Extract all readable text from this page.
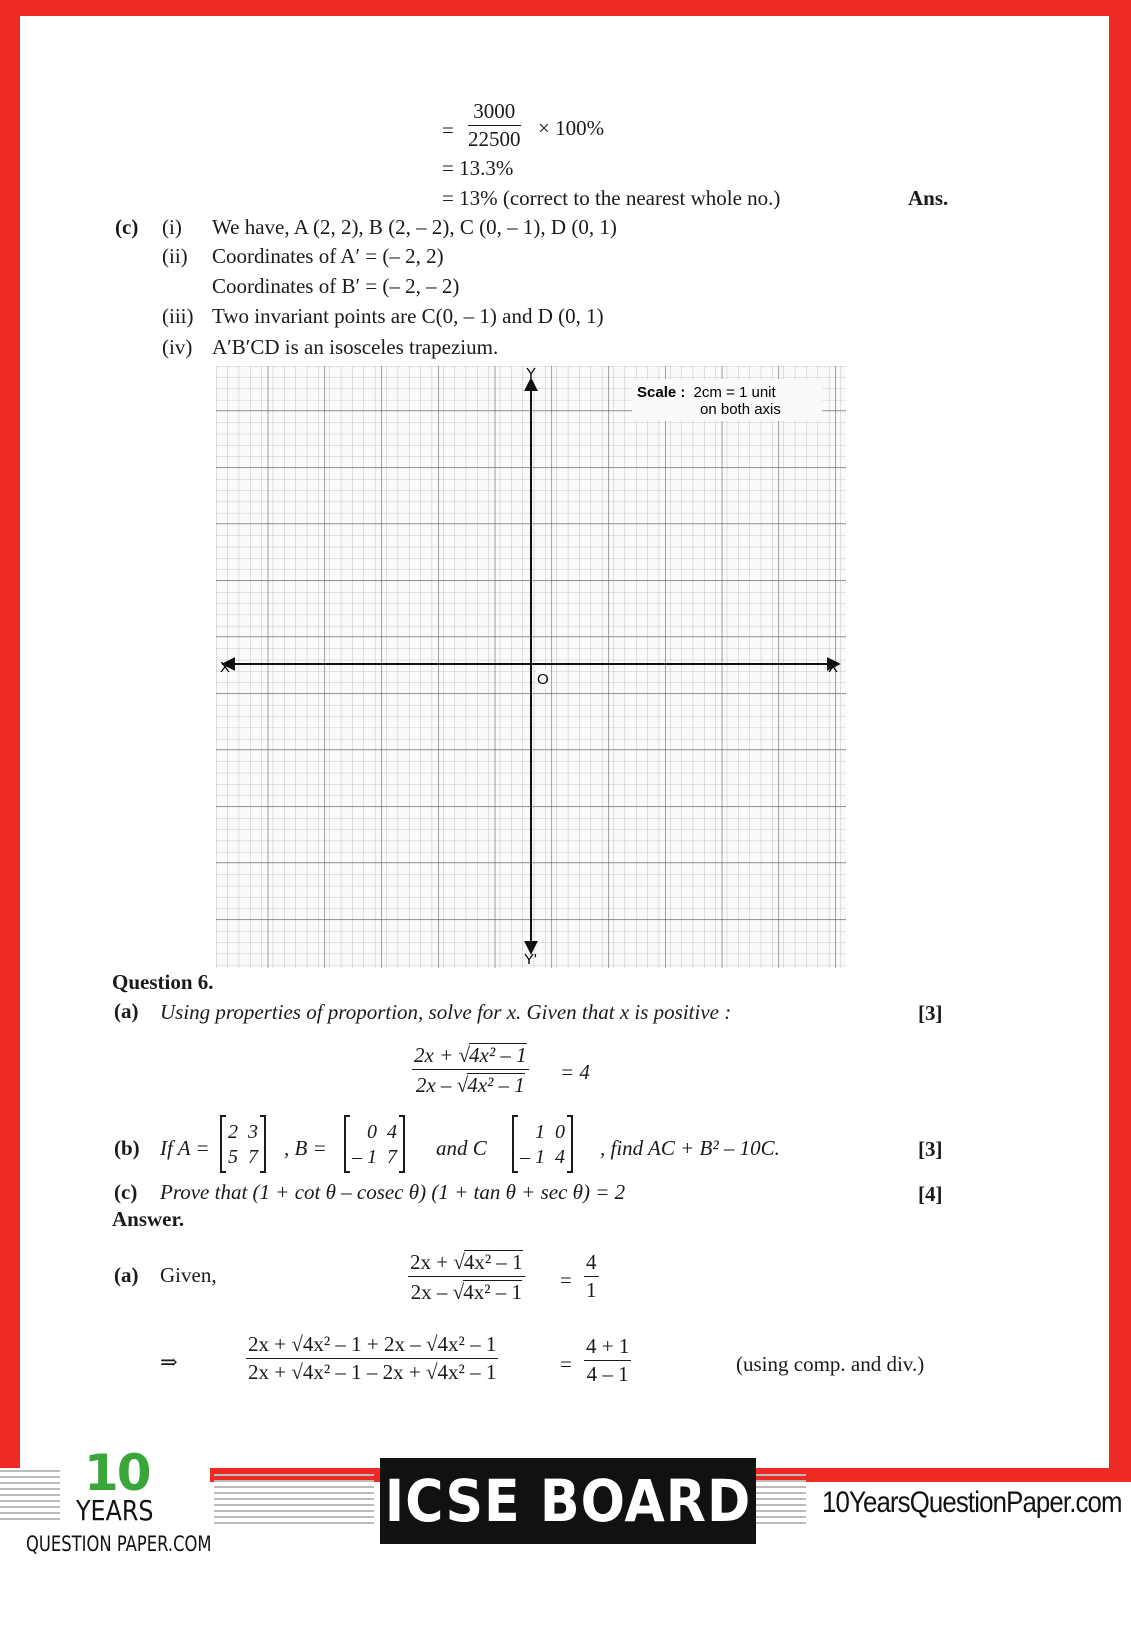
= $\frac{3000}{22500} \times 100\%$
= 13.3%
= 13% (correct to the nearest whole no.)	Ans.
(c) (i) We have, A (2, 2), B (2, – 2), C (0, – 1), D (0, 1)
(ii) Coordinates of A′ = (– 2, 2)
Coordinates of B′ = (– 2, – 2)
(iii) Two invariant points are C(0, – 1) and D (0, 1)
(iv) A′B′CD is an isosceles trapezium.
Scale : 2cm = 1 unit
on both axis
Y
Y'
X'	X
O
Question 6.
(a) Using properties of proportion, solve for x. Given that x is positive :	[3]
$\frac{\text{2x + √4x² – 1}}{\text{2x – √4x² – 1}} = 4$
(b) If A =
2 3
5 7 , B =
0 4
– 1 7 and C
1 0
– 1 4 , find AC + B² – 10C.	[3]
(c) Prove that (1 + cot θ – cosec θ) (1 + tan θ + sec θ) = 2	[4]
Answer.
(a) Given,	$\frac{\text{2x + √4x² – 1}}{\text{2x – √4x² – 1}} = \frac{4}{1}$
⇒	$\frac{\text{2x + √4x² – 1 + 2x – √4x² – 1}}{\text{2x + √4x² – 1 – 2x + √4x² – 1}}$	= $\frac{4 + 1}{4 - 1}$	(using comp. and div.)
10
YEARS
QUESTION PAPER.COM
ICSE BOARD X
10YearsQuestionPaper.com
